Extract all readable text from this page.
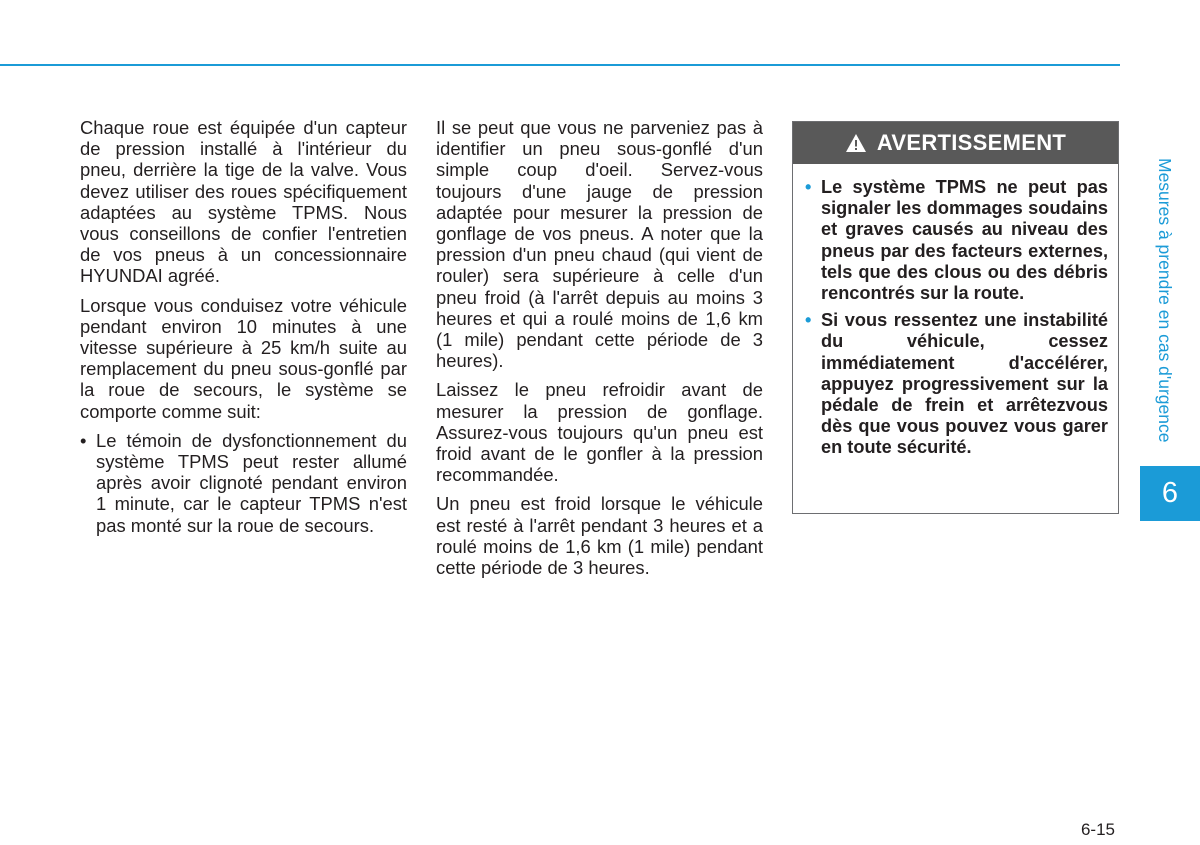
Chaque roue est équipée d'un capteur de pression installé à l'intérieur du pneu, derrière la tige de la valve. Vous devez utiliser des roues spécifiquement adaptées au système TPMS. Nous vous conseillons de confier l'entretien de vos pneus à un concessionnaire HYUNDAI agréé.

Lorsque vous conduisez votre véhicule pendant environ 10 minutes à une vitesse supérieure à 25 km/h suite au remplacement du pneu sous-gonflé par la roue de secours, le système se comporte comme suit:

• Le témoin de dysfonctionnement du système TPMS peut rester allumé après avoir clignoté pendant environ 1 minute, car le capteur TPMS n'est pas monté sur la roue de secours.

Il se peut que vous ne parveniez pas à identifier un pneu sous-gonflé d'un simple coup d'oeil. Servez-vous toujours d'une jauge de pression adaptée pour mesurer la pression de gonflage de vos pneus. A noter que la pression d'un pneu chaud (qui vient de rouler) sera supérieure à celle d'un pneu froid (à l'arrêt depuis au moins 3 heures et qui a roulé moins de 1,6 km (1 mile) pendant cette période de 3 heures).

Laissez le pneu refroidir avant de mesurer la pression de gonflage. Assurez-vous toujours qu'un pneu est froid avant de le gonfler à la pression recommandée.

Un pneu est froid lorsque le véhicule est resté à l'arrêt pendant 3 heures et a roulé moins de 1,6 km (1 mile) pendant cette période de 3 heures.

AVERTISSEMENT
• Le système TPMS ne peut pas signaler les dommages soudains et graves causés au niveau des pneus par des facteurs externes, tels que des clous ou des débris rencontrés sur la route.
• Si vous ressentez une instabilité du véhicule, cessez immédiatement d'accélérer, appuyez progressivement sur la pédale de frein et arrêtezvous dès que vous pouvez vous garer en toute sécurité.
Mesures à prendre en cas d'urgence
6
6-15
